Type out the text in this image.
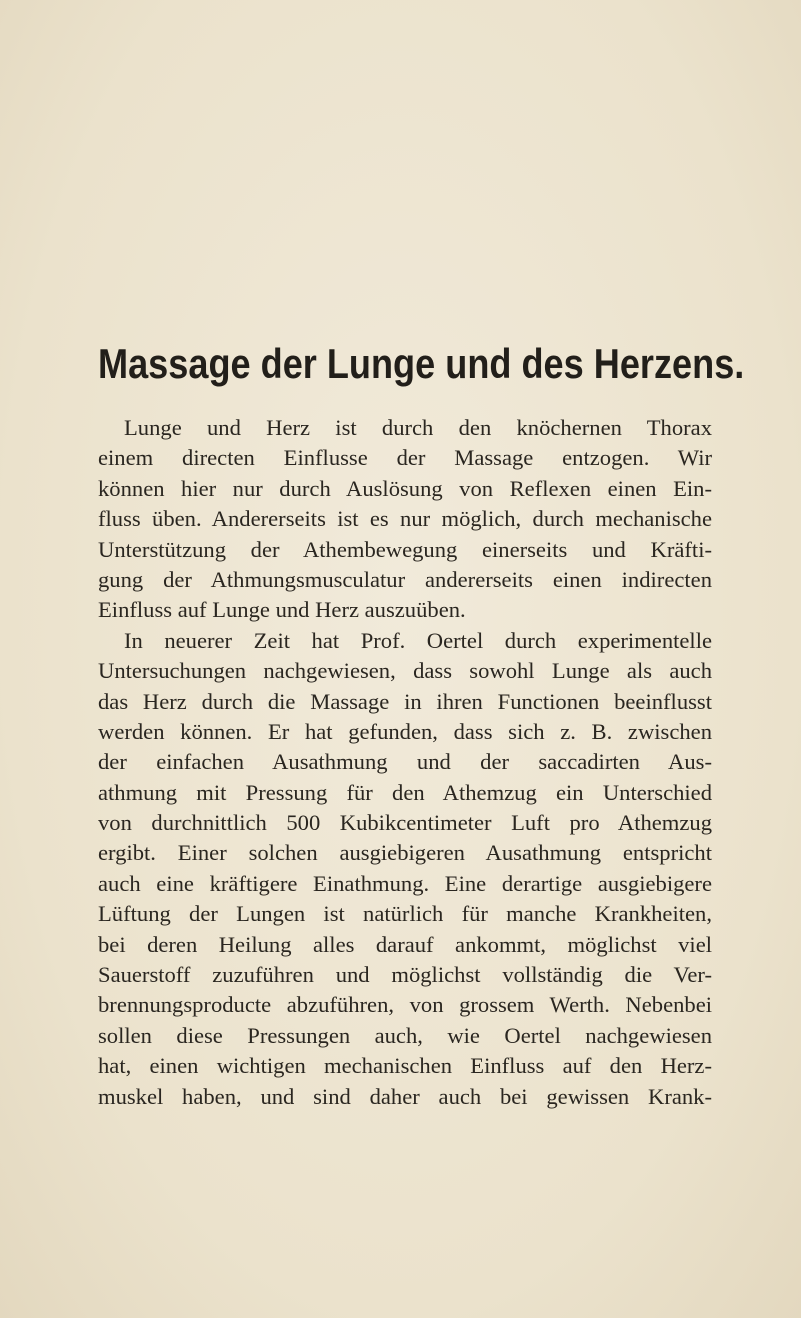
Massage der Lunge und des Herzens.
Lunge und Herz ist durch den knöchernen Thorax
einem directen Einflusse der Massage entzogen. Wir
können hier nur durch Auslösung von Reflexen einen Ein-
fluss üben. Andererseits ist es nur möglich, durch mechanische
Unterstützung der Athembewegung einerseits und Kräfti-
gung der Athmungsmusculatur andererseits einen indirecten
Einfluss auf Lunge und Herz auszuüben.
In neuerer Zeit hat Prof. Oertel durch experimentelle
Untersuchungen nachgewiesen, dass sowohl Lunge als auch
das Herz durch die Massage in ihren Functionen beeinflusst
werden können. Er hat gefunden, dass sich z. B. zwischen
der einfachen Ausathmung und der saccadirten Aus-
athmung mit Pressung für den Athemzug ein Unterschied
von durchnittlich 500 Kubikcentimeter Luft pro Athemzug
ergibt. Einer solchen ausgiebigeren Ausathmung entspricht
auch eine kräftigere Einathmung. Eine derartige ausgiebigere
Lüftung der Lungen ist natürlich für manche Krankheiten,
bei deren Heilung alles darauf ankommt, möglichst viel
Sauerstoff zuzuführen und möglichst vollständig die Ver-
brennungsproducte abzuführen, von grossem Werth. Nebenbei
sollen diese Pressungen auch, wie Oertel nachgewiesen
hat, einen wichtigen mechanischen Einfluss auf den Herz-
muskel haben, und sind daher auch bei gewissen Krank-
